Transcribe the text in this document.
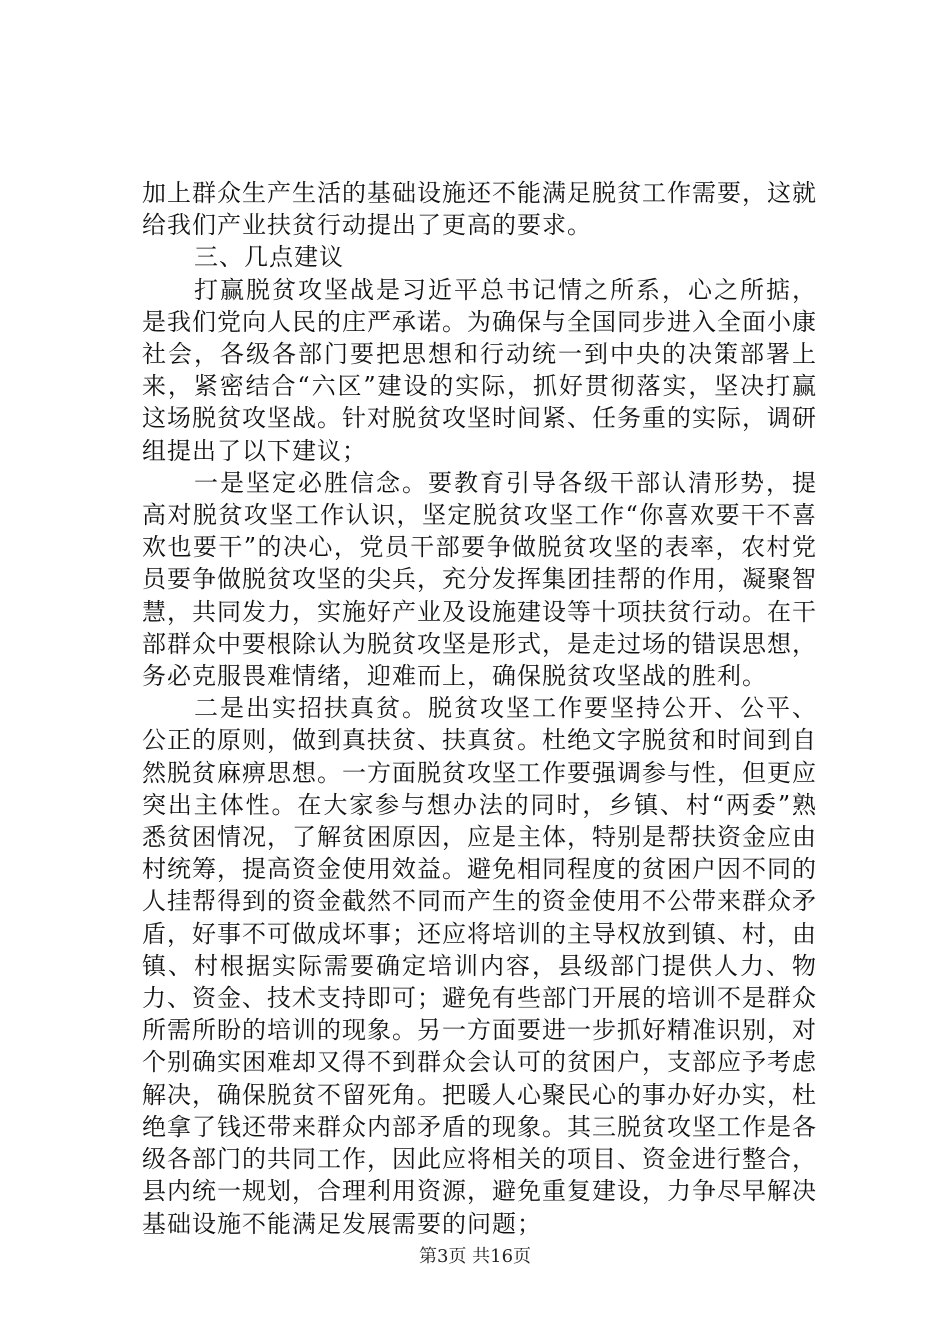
加上群众生产生活的基础设施还不能满足脱贫工作需要，这就给我们产业扶贫行动提出了更高的要求。

三、几点建议

打赢脱贫攻坚战是习近平总书记情之所系，心之所掂，是我们党向人民的庄严承诺。为确保与全国同步进入全面小康社会，各级各部门要把思想和行动统一到中央的决策部署上来，紧密结合“六区”建设的实际，抓好贯彻落实，坚决打赢这场脱贫攻坚战。针对脱贫攻坚时间紧、任务重的实际，调研组提出了以下建议；

一是坚定必胜信念。要教育引导各级干部认清形势，提高对脱贫攻坚工作认识，坚定脱贫攻坚工作“你喜欢要干不喜欢也要干”的决心，党员干部要争做脱贫攻坚的表率，农村党员要争做脱贫攻坚的尖兵，充分发挥集团挂帮的作用，凝聚智慧，共同发力，实施好产业及设施建设等十项扶贫行动。在干部群众中要根除认为脱贫攻坚是形式，是走过场的错误思想，务必克服畏难情绪，迎难而上，确保脱贫攻坚战的胜利。

二是出实招扶真贫。脱贫攻坚工作要坚持公开、公平、公正的原则，做到真扶贫、扶真贫。杜绝文字脱贫和时间到自然脱贫麻痹思想。一方面脱贫攻坚工作要强调参与性，但更应突出主体性。在大家参与想办法的同时，乡镇、村“两委”熟悉贫困情况，了解贫困原因，应是主体，特别是帮扶资金应由村统筹，提高资金使用效益。避免相同程度的贫困户因不同的人挂帮得到的资金截然不同而产生的资金使用不公带来群众矛盾，好事不可做成坏事；还应将培训的主导权放到镇、村，由镇、村根据实际需要确定培训内容，县级部门提供人力、物力、资金、技术支持即可；避免有些部门开展的培训不是群众所需所盼的培训的现象。另一方面要进一步抓好精准识别，对个别确实困难却又得不到群众会认可的贫困户，支部应予考虑解决，确保脱贫不留死角。把暖人心聚民心的事办好办实，杜绝拿了钱还带来群众内部矛盾的现象。其三脱贫攻坚工作是各级各部门的共同工作，因此应将相关的项目、资金进行整合，县内统一规划，合理利用资源，避免重复建设，力争尽早解决基础设施不能满足发展需要的问题；

第3页 共16页
